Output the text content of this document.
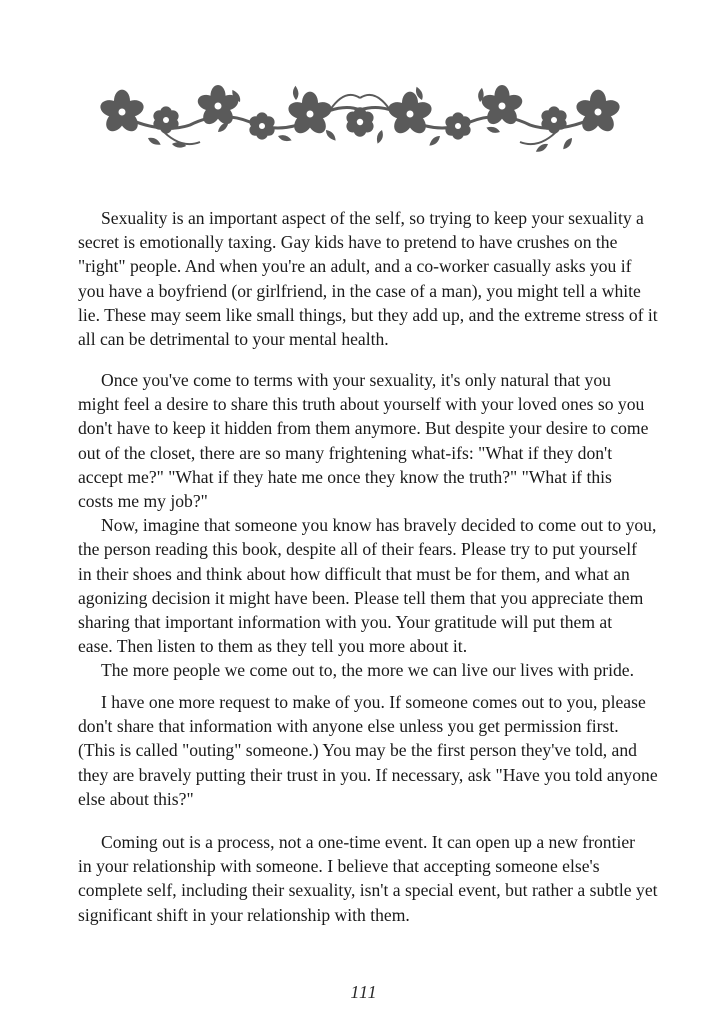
Sexuality is an important aspect of the self, so trying to keep your sexuality a
secret is emotionally taxing. Gay kids have to pretend to have crushes on the
"right" people. And when you're an adult, and a co-worker casually asks you if
you have a boyfriend (or girlfriend, in the case of a man), you might tell a white
lie. These may seem like small things, but they add up, and the extreme stress of it
all can be detrimental to your mental health.

Once you've come to terms with your sexuality, it's only natural that you
might feel a desire to share this truth about yourself with your loved ones so you
don't have to keep it hidden from them anymore. But despite your desire to come
out of the closet, there are so many frightening what-ifs: "What if they don't
accept me?" "What if they hate me once they know the truth?" "What if this
costs me my job?"

Now, imagine that someone you know has bravely decided to come out to you,
the person reading this book, despite all of their fears. Please try to put yourself
in their shoes and think about how difficult that must be for them, and what an
agonizing decision it might have been. Please tell them that you appreciate them
sharing that important information with you. Your gratitude will put them at
ease. Then listen to them as they tell you more about it.

The more people we come out to, the more we can live our lives with pride.

I have one more request to make of you. If someone comes out to you, please
don't share that information with anyone else unless you get permission first.
(This is called "outing" someone.) You may be the first person they've told, and
they are bravely putting their trust in you. If necessary, ask "Have you told anyone
else about this?"

Coming out is a process, not a one-time event. It can open up a new frontier
in your relationship with someone. I believe that accepting someone else's
complete self, including their sexuality, isn't a special event, but rather a subtle yet
significant shift in your relationship with them.

111
